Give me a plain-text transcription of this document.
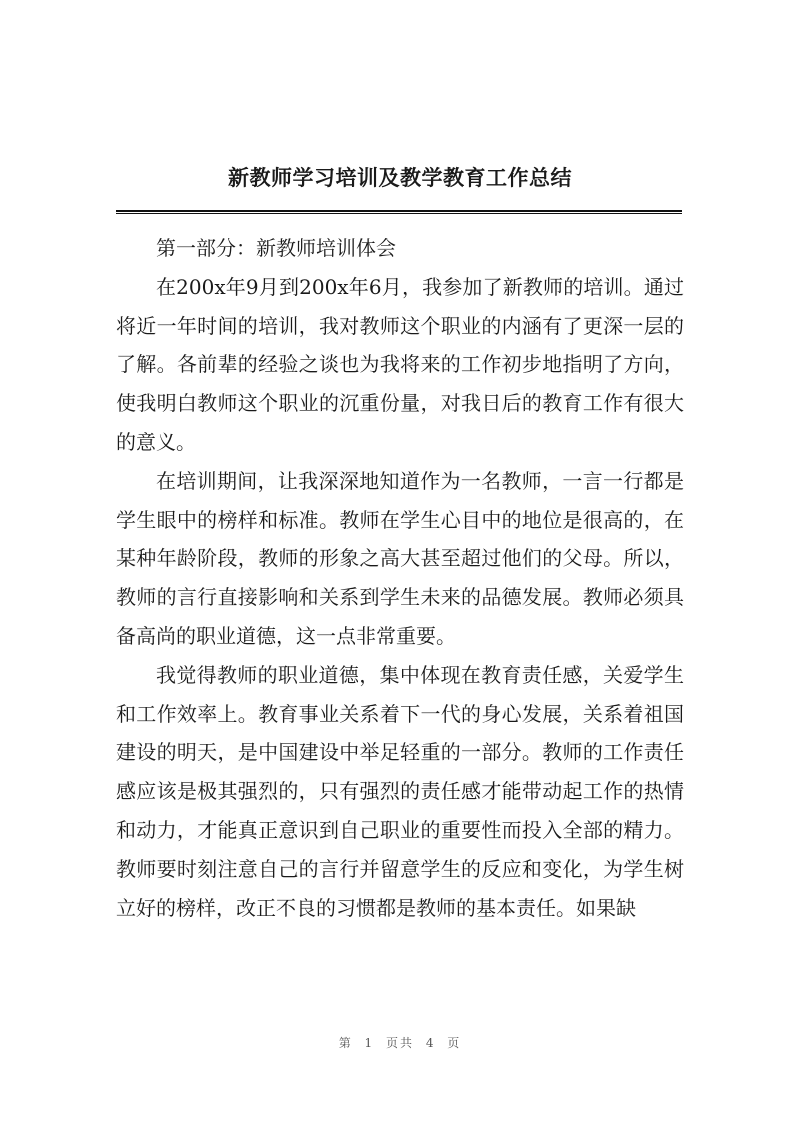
新教师学习培训及教学教育工作总结

第一部分：新教师培训体会

在200x年9月到200x年6月，我参加了新教师的培训。通过将近一年时间的培训，我对教师这个职业的内涵有了更深一层的了解。各前辈的经验之谈也为我将来的工作初步地指明了方向，使我明白教师这个职业的沉重份量，对我日后的教育工作有很大的意义。

在培训期间，让我深深地知道作为一名教师，一言一行都是学生眼中的榜样和标准。教师在学生心目中的地位是很高的，在某种年龄阶段，教师的形象之高大甚至超过他们的父母。所以，教师的言行直接影响和关系到学生未来的品德发展。教师必须具备高尚的职业道德，这一点非常重要。

我觉得教师的职业道德，集中体现在教育责任感，关爱学生和工作效率上。教育事业关系着下一代的身心发展，关系着祖国建设的明天，是中国建设中举足轻重的一部分。教师的工作责任感应该是极其强烈的，只有强烈的责任感才能带动起工作的热情和动力，才能真正意识到自己职业的重要性而投入全部的精力。教师要时刻注意自己的言行并留意学生的反应和变化，为学生树立好的榜样，改正不良的习惯都是教师的基本责任。如果缺

第 1 页共 4 页
